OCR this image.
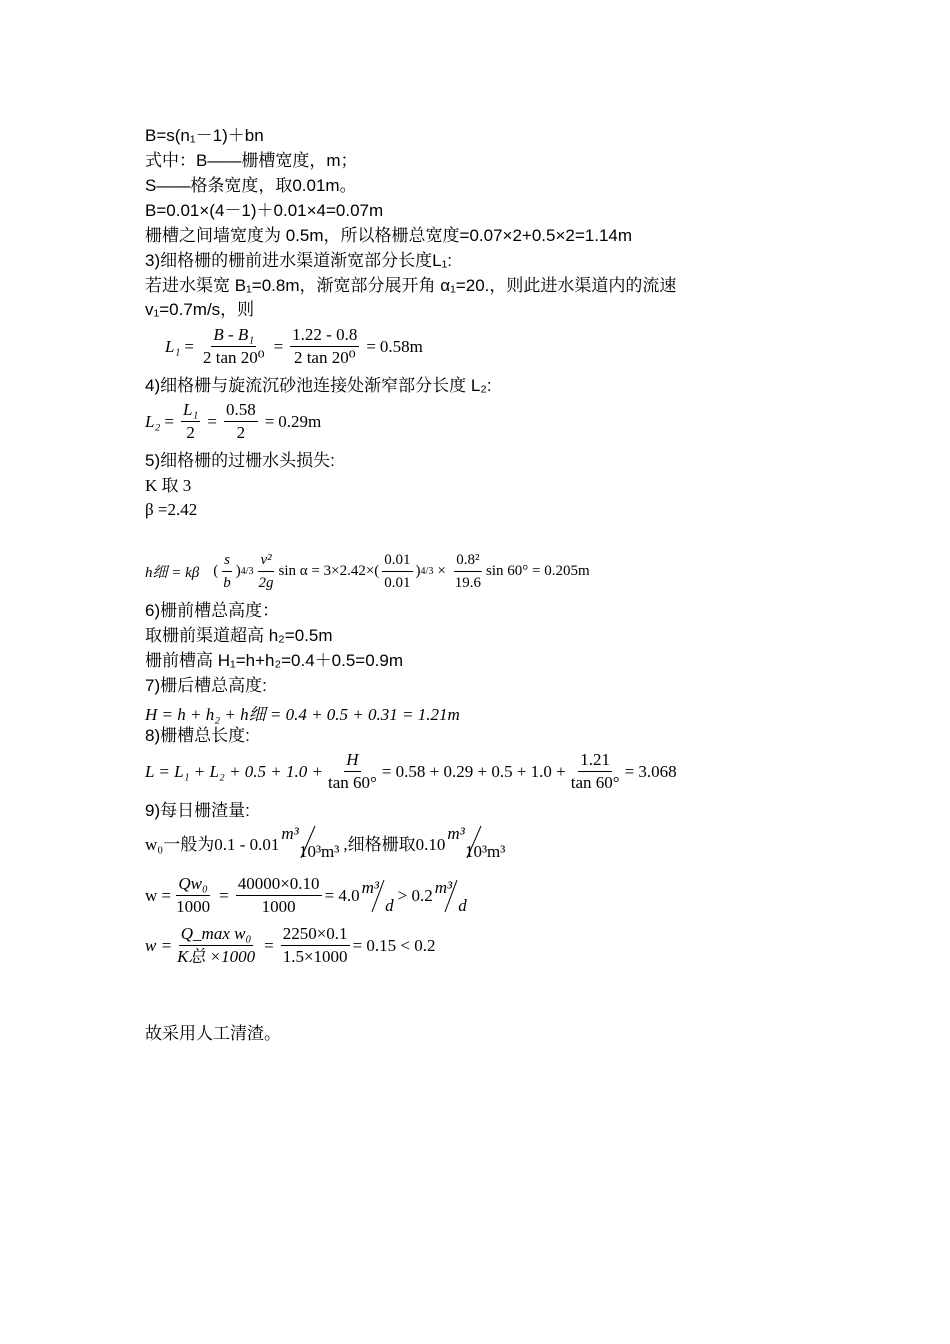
B=s(n₁－1)＋bn
式中：B——栅槽宽度，m；
S——格条宽度，取0.01m。
B=0.01×(4－1)＋0.01×4=0.07m
栅槽之间墙宽度为 0.5m，所以格栅总宽度=0.07×2+0.5×2=1.14m
3)细格栅的栅前进水渠道渐宽部分长度L₁:
若进水渠宽 B₁=0.8m，渐宽部分展开角 α₁=20.，则此进水渠道内的流速
v₁=0.7m/s，则
$L_1 = \frac{\text{B - B₁}}{\text{2 tan 20⁰}} = \frac{1.22 - 0.8}{\text{2 tan 20⁰}} = 0.58m$
4)细格栅与旋流沉砂池连接处渐窄部分长度 L₂:
$L_2 = \frac{\text{L₁}}{2} = \frac{0.58}{2} = 0.29m$
5)细格栅的过栅水头损失:
K 取 3
β =2.42
h细 = kβ ( $\frac{s}{b}$ ) $4/3 \frac{\text{v²}}{2g}$ $\sin \alpha = 3\times 2.42\times( \frac{0.01}{0.01}$ ) $4/3 \times \frac{\text{0.8²}}{19.6}$ sin 60° = 0.205m
6)栅前槽总高度：
取栅前渠道超高 h₂=0.5m
栅前槽高 H₁=h+h₂=0.4＋0.5=0.9m
7)栅后槽总高度:
H = h + h₂ + h细 = 0.4 + 0.5 + 0.31 = 1.21m
8)栅槽总长度:
$L = L_1 + L_2 + 0.5 + 1.0 + \frac{H}{\tan 60^\circ} = 0.58 + 0.29 + 0.5 + 1.0 + \frac{1.21}{\tan 60^\circ} = 3.068$
9)每日栅渣量:
w₀一般为0.1 - 0.01
m³
10³m³ ,细格栅取0.10
m³
10³m³
$w = \frac{\text{Qw₀}}{1000} = \frac{40000\times 0.10}{1000} = 4.0$ m³
d
> 0.2 m³
d
$w = \frac{\text{Q\_max w₀}}{\text{K总 ×1000}} = \frac{2250\times 0.1}{1.5\times 1000} = 0.15 < 0.2$
故采用人工清渣。
